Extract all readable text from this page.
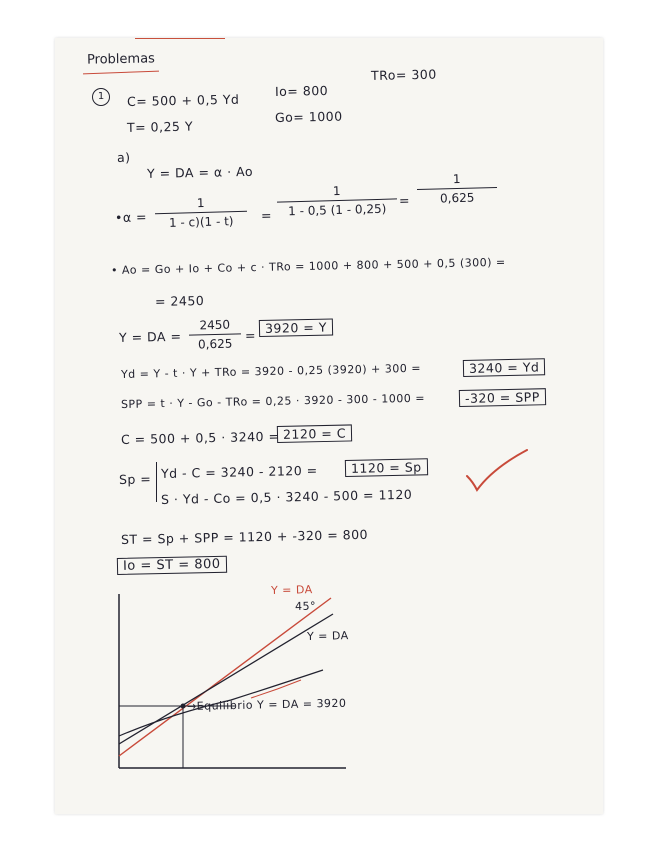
Problemas
1	C= 500 + 0,5 Yd
T= 0,25 Y
Io= 800
Go= 1000
TRo= 300
a)
Y = DA = α · Ao
•α = $\frac{1}{1 - c)(1 - t)} = \frac{1}{1 - 0,5 (1 - 0,25)} = \frac{1}{0,625}$
• Ao = Go + Io + Co + c · TRo = 1000 + 800 + 500 + 0,5 (300) =
= 2450
Y = DA = $\frac{2450}{0,625} = 3920 = Y$
Yd = Y - t · Y + TRo = 3920 - 0,25 (3920) + 300 =	3240 = Yd
SPP = t · Y - Go - TRo = 0,25 · 3920 - 300 - 1000 =	-320 = SPP
C = 500 + 0,5 · 3240 = 2120 = C
Sp = Yd - C = 3240 - 2120 =	1120 = Sp
S · Yd - Co = 0,5 · 3240 - 500 = 1120
ST = Sp + SPP = 1120 + -320 = 800
Io = ST = 800
Y = DA
45°
Y = DA
→Equilibrio Y = DA = 3920
